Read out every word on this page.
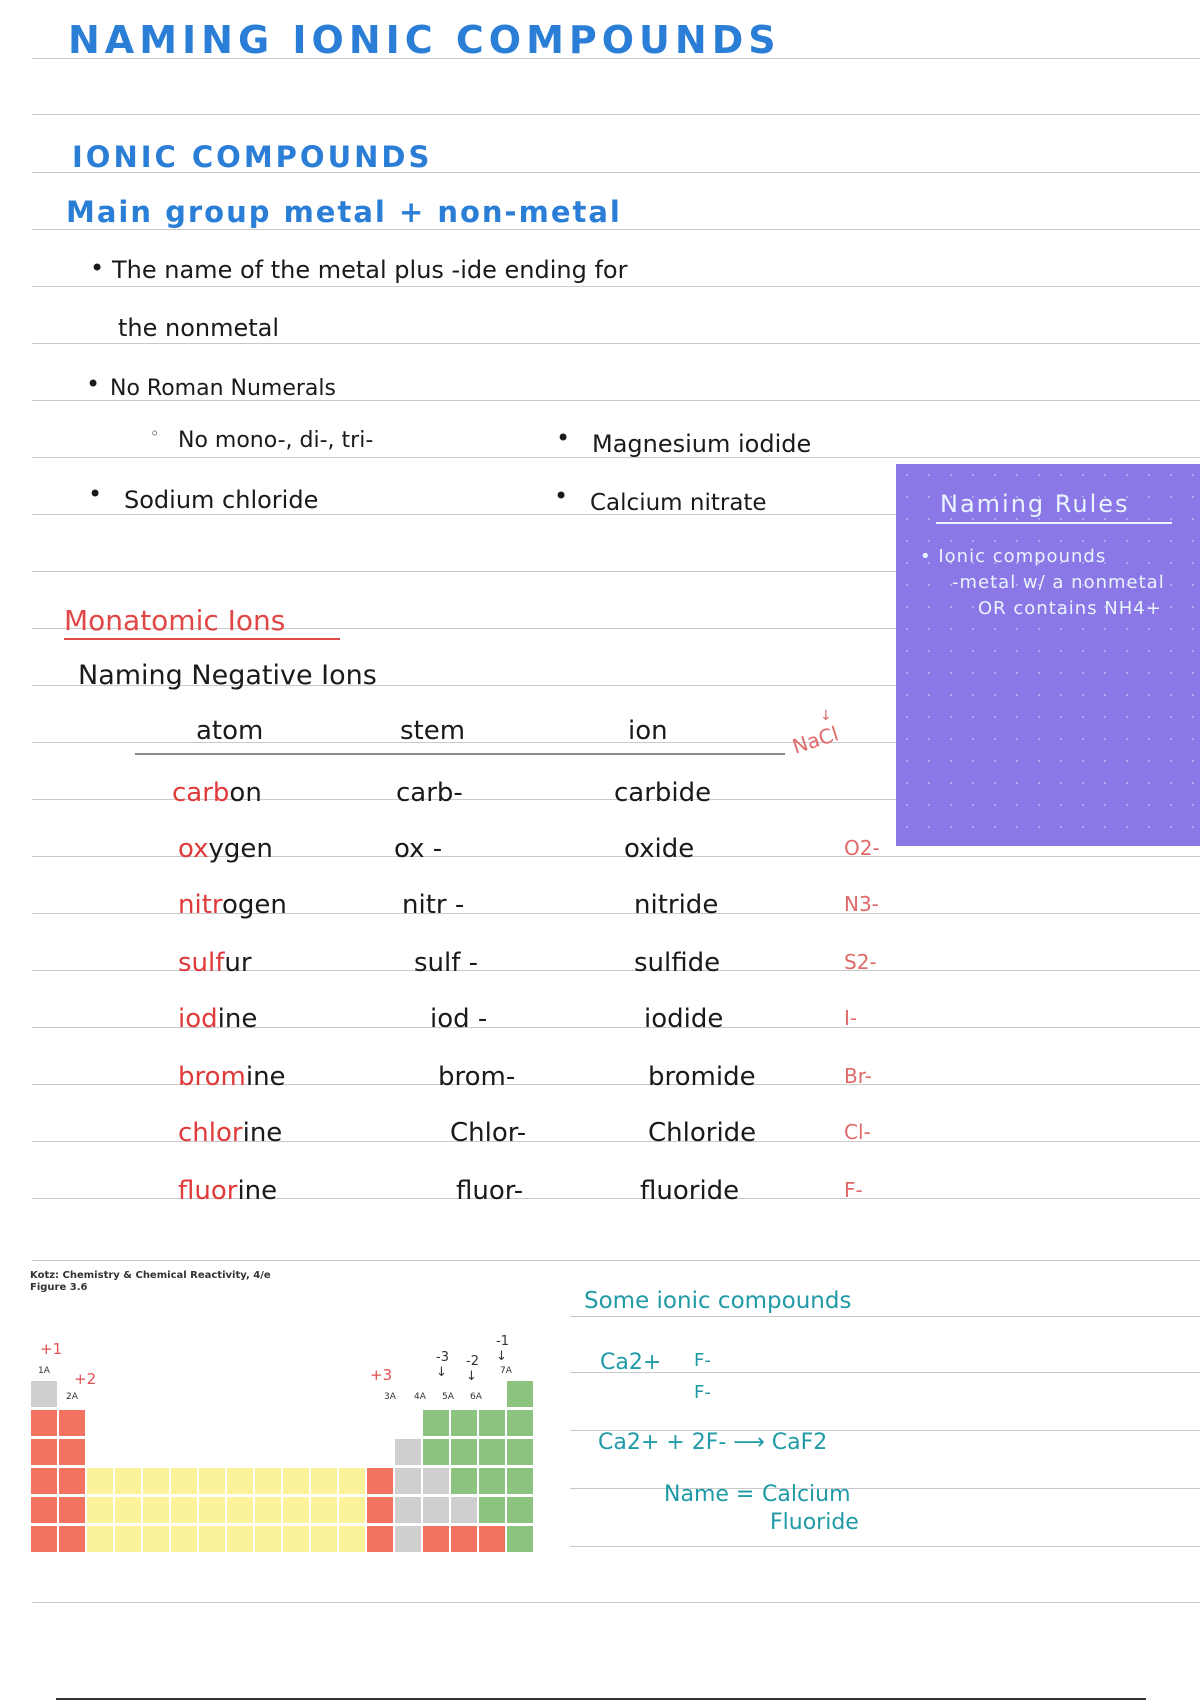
NAMING IONIC COMPOUNDS
IONIC COMPOUNDS
Main group metal + non-metal
• The name of the metal plus -ide ending for
the nonmetal
• No Roman Numerals
◦ No mono-, di-, tri-
• Sodium chloride
• Magnesium iodide
• Calcium nitrate	Naming Rules
• Ionic compounds
-metal w/ a nonmetal
OR contains NH4+
Monatomic Ions
Naming Negative Ions
atom	stem	ion	NaCl
↓
carbon	carb-	carbide
oxygen	ox -	oxide	O2-
nitrogen	nitr -	nitride	N3-
sulfur	sulf -	sulfide	S2-
iodine	iod -	iodide	I-
bromine	brom-	bromide	Br-
chlorine	Chlor-	Chloride	Cl-
fluorine	fluor-	fluoride	F-
Kotz: Chemistry & Chemical Reactivity, 4/e
Figure 3.6
+1
+2	+3
-3
↓
-2
↓
-1
↓
1A
2A	3A 4A 5A 6A
7A
Some ionic compounds
Ca2+ F-
F-
Ca2+ + 2F- ⟶ CaF2
Name = Calcium
Fluoride
